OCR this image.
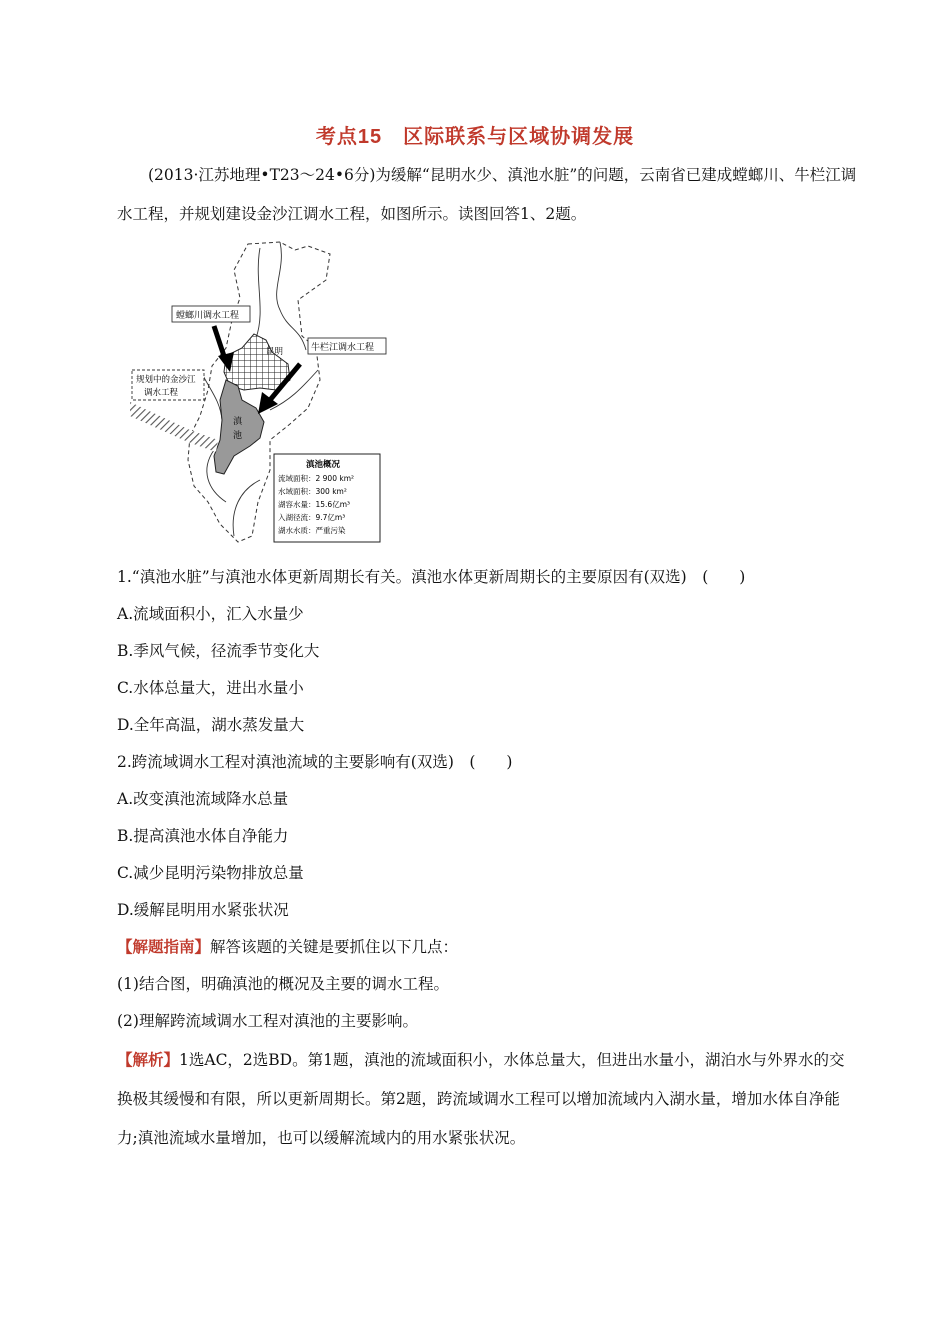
考点15　 区际联系与区域协调发展

(2013·江苏地理•T23～24•6分)为缓解“昆明水少、滇池水脏”的问题，云南省已建成螳螂川、牛栏江调水工程，并规划建设金沙江调水工程，如图所示。读图回答1、2题。

螳螂川调水工程
牛栏江调水工程
规划中的金沙江
调水工程
昆明
滇
池
滇池概况
流域面积：2 900 km²
水域面积：300 km²
湖容水量：15.6亿m³
入湖径流：9.7亿m³
湖水水质：严重污染

1.“滇池水脏”与滇池水体更新周期长有关。滇池水体更新周期长的主要原因有(双选)　(　　)

A.流域面积小，汇入水量少

B.季风气候，径流季节变化大

C.水体总量大，进出水量小

D.全年高温，湖水蒸发量大

2.跨流域调水工程对滇池流域的主要影响有(双选)　(　　)

A.改变滇池流域降水总量

B.提高滇池水体自净能力

C.减少昆明污染物排放总量

D.缓解昆明用水紧张状况

【解题指南】解答该题的关键是要抓住以下几点：

(1)结合图，明确滇池的概况及主要的调水工程。

(2)理解跨流域调水工程对滇池的主要影响。

【解析】1选AC，2选BD。第1题，滇池的流域面积小，水体总量大，但进出水量小，湖泊水与外界水的交换极其缓慢和有限，所以更新周期长。第2题，跨流域调水工程可以增加流域内入湖水量，增加水体自净能力;滇池流域水量增加，也可以缓解流域内的用水紧张状况。
